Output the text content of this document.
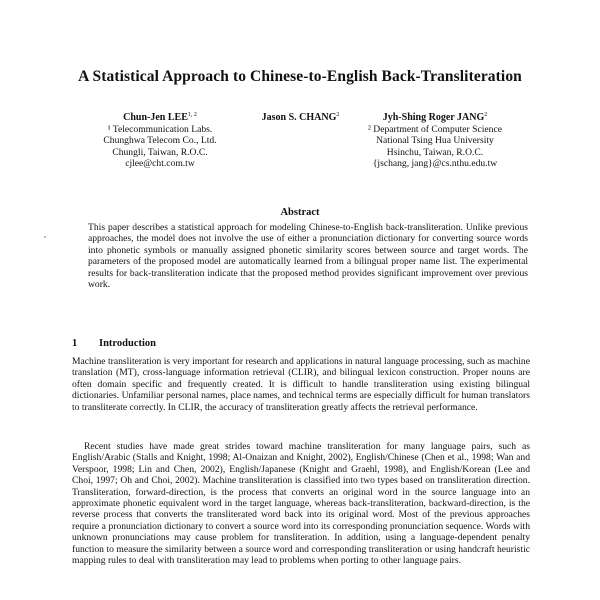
A Statistical Approach to Chinese-to-English Back-Transliteration
Chun-Jen LEE$^{1, 2}$
¹ Telecommunication Labs.
Chunghwa Telecom Co., Ltd.
Chungli, Taiwan, R.O.C.
cjlee@cht.com.tw
Jason S. CHANG$^2$	Jyh-Shing Roger JANG$^2$
² Department of Computer Science
National Tsing Hua University
Hsinchu, Taiwan, R.O.C.
{jschang, jang}@cs.nthu.edu.tw
Abstract
This paper describes a statistical approach for modeling Chinese-to-English back-transliteration. Unlike previous approaches, the model does not involve the use of either a pronunciation dictionary for converting source words into phonetic symbols or manually assigned phonetic similarity scores between source and target words. The parameters of the proposed model are automatically learned from a bilingual proper name list. The experimental results for back-transliteration indicate that the proposed method provides significant improvement over previous work.
1 Introduction
Machine transliteration is very important for research and applications in natural language processing, such as machine translation (MT), cross-language information retrieval (CLIR), and bilingual lexicon construction. Proper nouns are often domain specific and frequently created. It is difficult to handle transliteration using existing bilingual dictionaries. Unfamiliar personal names, place names, and technical terms are especially difficult for human translators to transliterate correctly. In CLIR, the accuracy of transliteration greatly affects the retrieval performance.
Recent studies have made great strides toward machine transliteration for many language pairs, such as English/Arabic (Stalls and Knight, 1998; Al-Onaizan and Knight, 2002), English/Chinese (Chen et al., 1998; Wan and Verspoor, 1998; Lin and Chen, 2002), English/Japanese (Knight and Graehl, 1998), and English/Korean (Lee and Choi, 1997; Oh and Choi, 2002). Machine transliteration is classified into two types based on transliteration direction. Transliteration, forward-direction, is the process that converts an original word in the source language into an approximate phonetic equivalent word in the target language, whereas back-transliteration, backward-direction, is the reverse process that converts the transliterated word back into its original word. Most of the previous approaches require a pronunciation dictionary to convert a source word into its corresponding pronunciation sequence. Words with unknown pronunciations may cause problem for transliteration. In addition, using a language-dependent penalty function to measure the similarity between a source word and corresponding transliteration or using handcraft heuristic mapping rules to deal with transliteration may lead to problems when porting to other language pairs.
